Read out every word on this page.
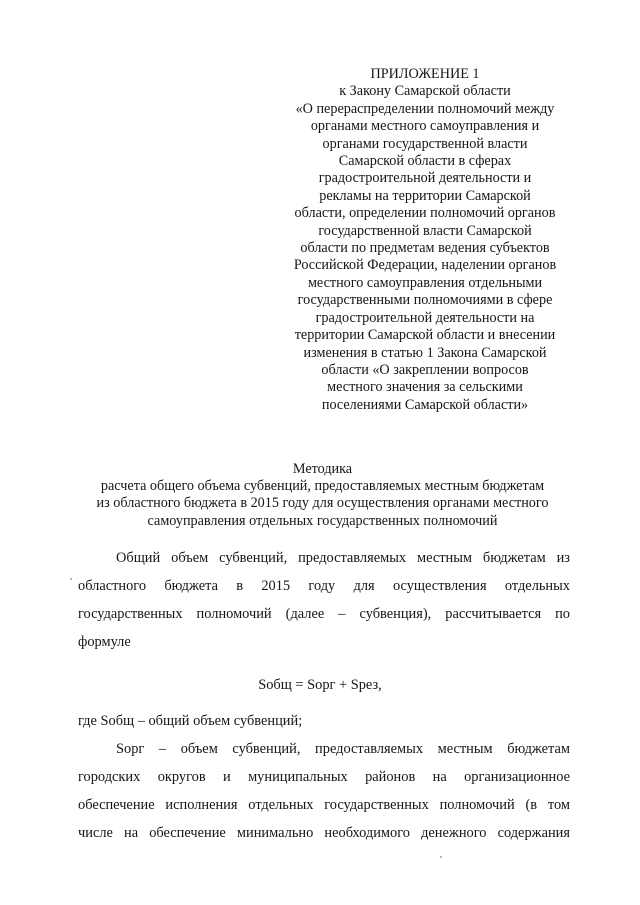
ПРИЛОЖЕНИЕ 1
к Закону Самарской области
«О перераспределении полномочий между
органами местного самоуправления и
органами государственной власти
Самарской области в сферах
градостроительной деятельности и
рекламы на территории Самарской
области, определении полномочий органов
государственной власти Самарской
области по предметам ведения субъектов
Российской Федерации, наделении органов
местного самоуправления отдельными
государственными полномочиями в сфере
градостроительной деятельности на
территории Самарской области и внесении
изменения в статью 1 Закона Самарской
области «О закреплении вопросов
местного значения за сельскими
поселениями Самарской области»
Методика
расчета общего объема субвенций, предоставляемых местным бюджетам
из областного бюджета в 2015 году для осуществления органами местного
самоуправления отдельных государственных полномочий
Общий объем субвенций, предоставляемых местным бюджетам из
областного бюджета в 2015 году для осуществления отдельных
государственных полномочий (далее – субвенция), рассчитывается по
формуле
Sобщ = Sорг + Sрез,
где Sобщ – общий объем субвенций;
Sорг – объем субвенций, предоставляемых местным бюджетам
городских округов и муниципальных районов на организационное
обеспечение исполнения отдельных государственных полномочий (в том
числе на обеспечение минимально необходимого денежного содержания
